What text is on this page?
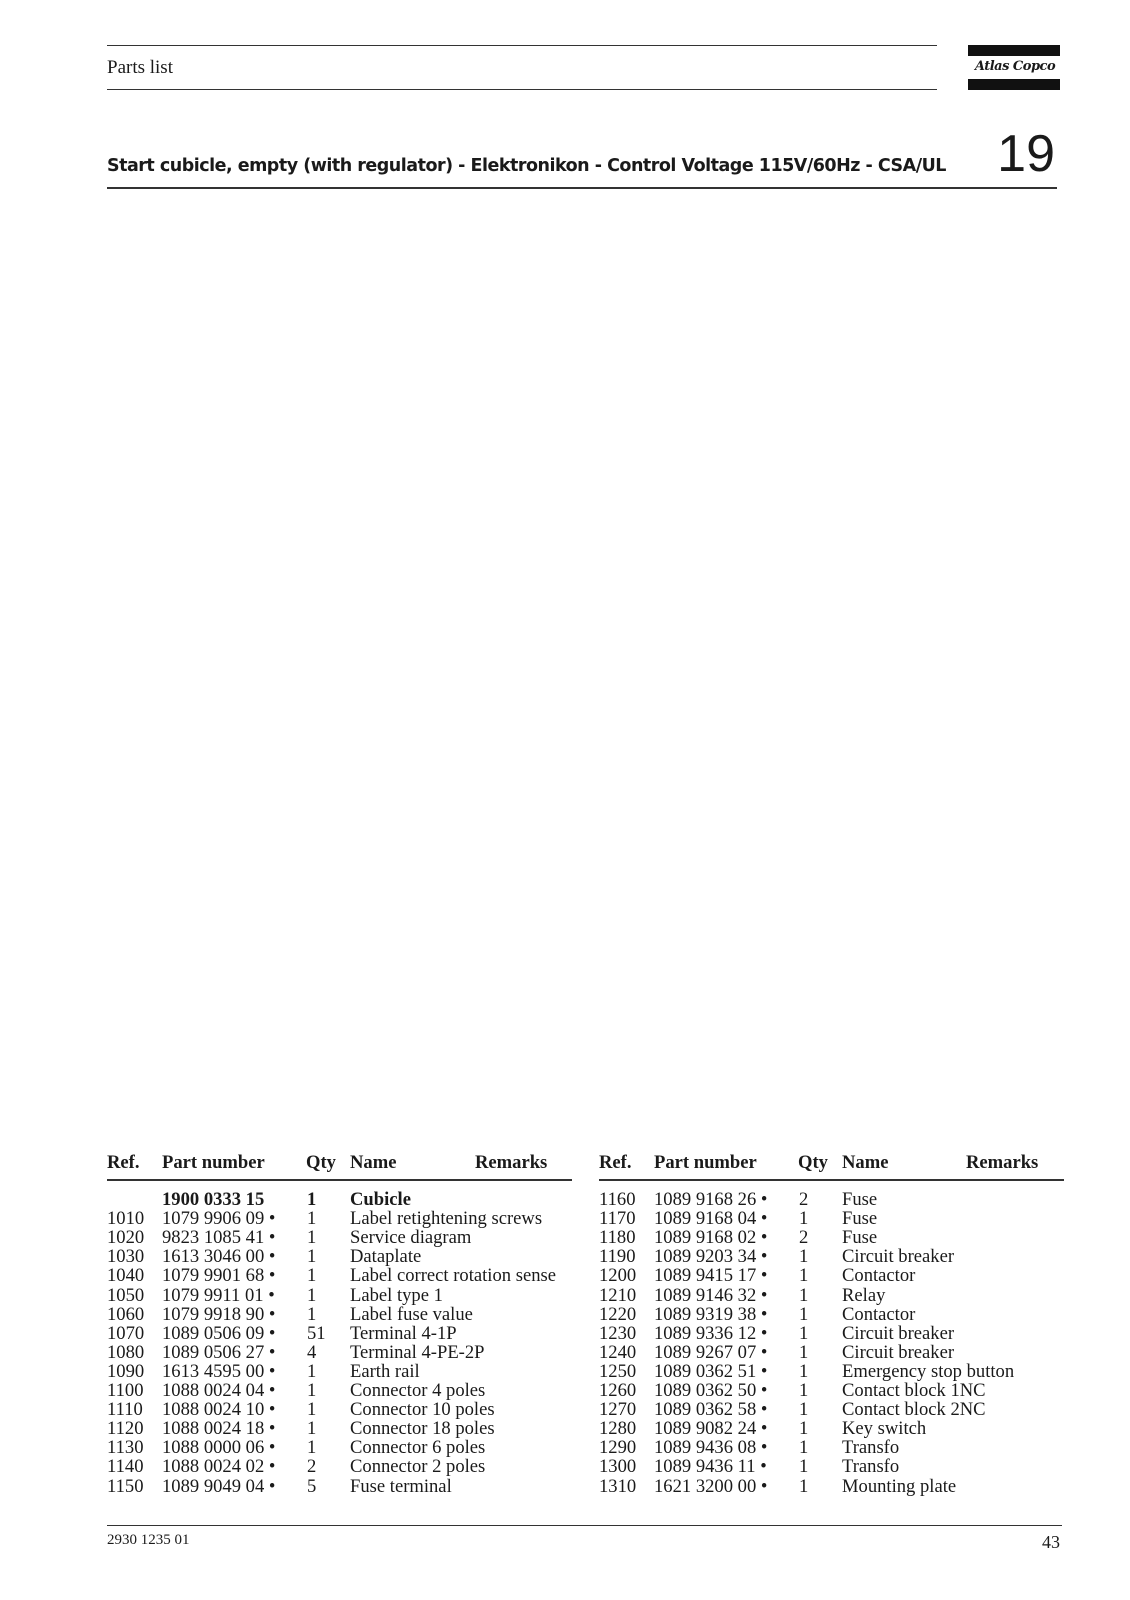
Parts list	Atlas Copco
Start cubicle, empty (with regulator) - Elektronikon - Control Voltage 115V/60Hz - CSA/UL 19
Ref. Part number Qty Name	Remarks
1900 0333 15 1 Cubicle
1010 1079 9906 09 • 1 Label retightening screws
1020 9823 1085 41 • 1 Service diagram
1030 1613 3046 00 • 1 Dataplate
1040 1079 9901 68 • 1 Label correct rotation sense
1050 1079 9911 01 • 1 Label type 1
1060 1079 9918 90 • 1 Label fuse value
1070 1089 0506 09 • 51 Terminal 4-1P
1080 1089 0506 27 • 4 Terminal 4-PE-2P
1090 1613 4595 00 • 1 Earth rail
1100 1088 0024 04 • 1 Connector 4 poles
1110 1088 0024 10 • 1 Connector 10 poles
1120 1088 0024 18 • 1 Connector 18 poles
1130 1088 0000 06 • 1 Connector 6 poles
1140 1088 0024 02 • 2 Connector 2 poles
1150 1089 9049 04 • 5 Fuse terminal
Ref. Part number Qty Name	Remarks
1160 1089 9168 26 • 2 Fuse
1170 1089 9168 04 • 1 Fuse
1180 1089 9168 02 • 2 Fuse
1190 1089 9203 34 • 1 Circuit breaker
1200 1089 9415 17 • 1 Contactor
1210 1089 9146 32 • 1 Relay
1220 1089 9319 38 • 1 Contactor
1230 1089 9336 12 • 1 Circuit breaker
1240 1089 9267 07 • 1 Circuit breaker
1250 1089 0362 51 • 1 Emergency stop button
1260 1089 0362 50 • 1 Contact block 1NC
1270 1089 0362 58 • 1 Contact block 2NC
1280 1089 9082 24 • 1 Key switch
1290 1089 9436 08 • 1 Transfo
1300 1089 9436 11 • 1 Transfo
1310 1621 3200 00 • 1 Mounting plate
2930 1235 01	43
